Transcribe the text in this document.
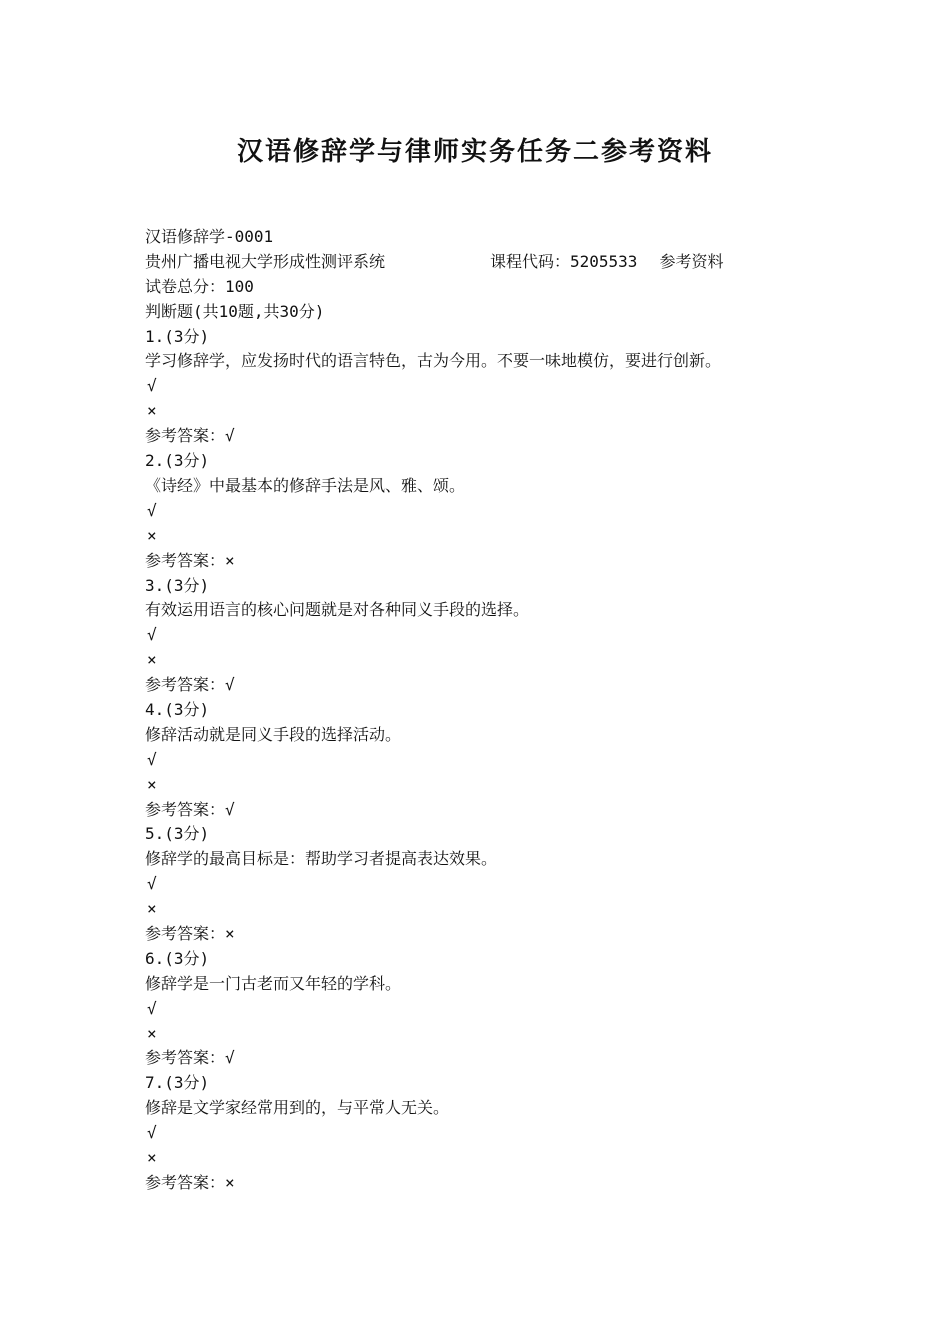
汉语修辞学与律师实务任务二参考资料
汉语修辞学-0001
贵州广播电视大学形成性测评系统	课程代码：5205533 参考资料
试卷总分：100
判断题(共10题,共30分)
1.(3分)
学习修辞学，应发扬时代的语言特色，古为今用。不要一味地模仿，要进行创新。
√
×
参考答案：√
2.(3分)
《诗经》中最基本的修辞手法是风、雅、颂。
√
×
参考答案：×
3.(3分)
有效运用语言的核心问题就是对各种同义手段的选择。
√
×
参考答案：√
4.(3分)
修辞活动就是同义手段的选择活动。
√
×
参考答案：√
5.(3分)
修辞学的最高目标是：帮助学习者提高表达效果。
√
×
参考答案：×
6.(3分)
修辞学是一门古老而又年轻的学科。
√
×
参考答案：√
7.(3分)
修辞是文学家经常用到的，与平常人无关。
√
×
参考答案：×
